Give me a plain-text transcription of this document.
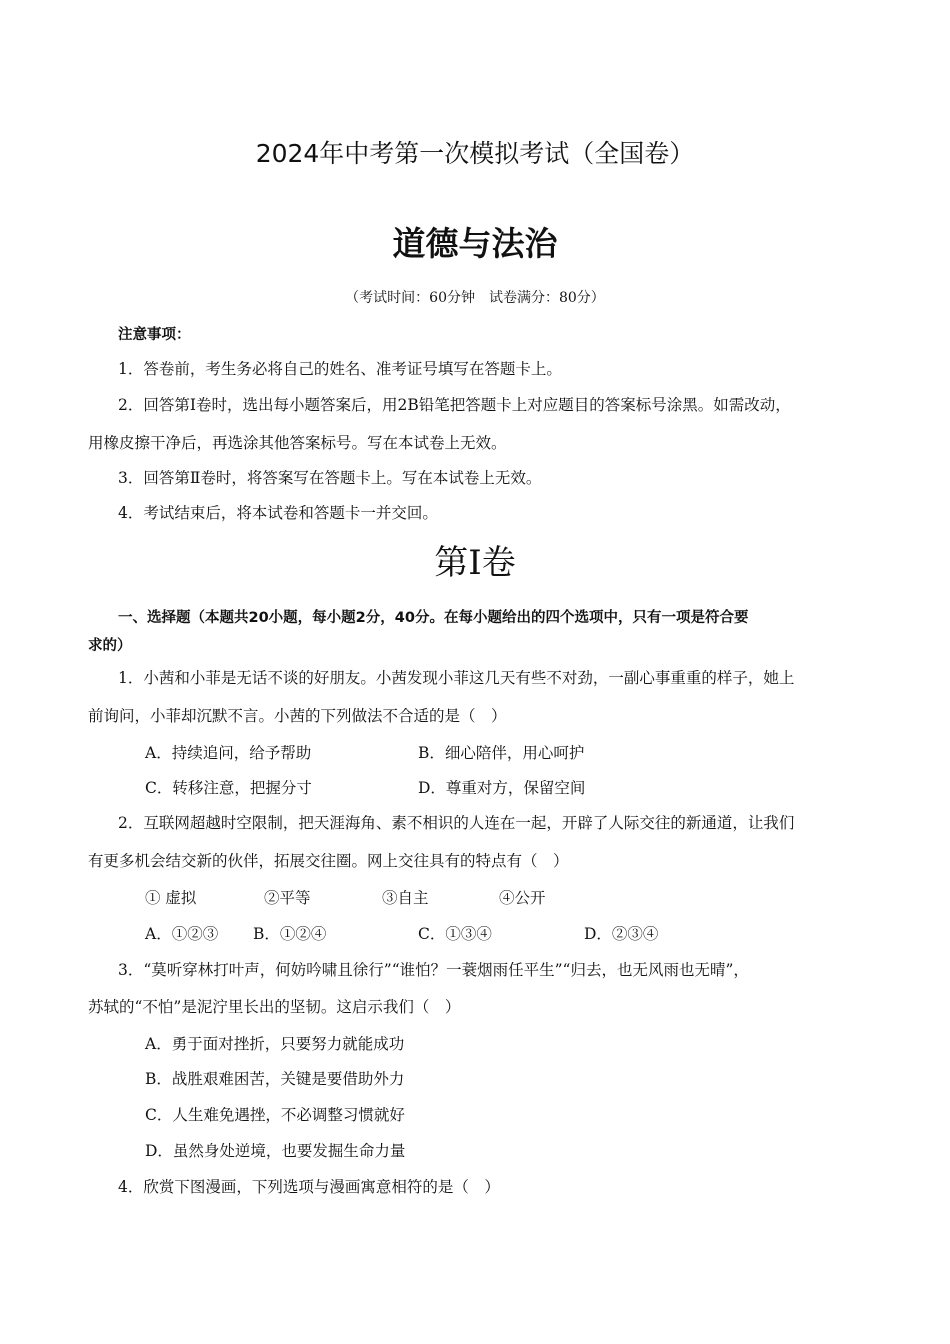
2024年中考第一次模拟考试（全国卷）
道德与法治
（考试时间：60分钟　试卷满分：80分）
注意事项：
1．答卷前，考生务必将自己的姓名、准考证号填写在答题卡上。
2．回答第Ⅰ卷时，选出每小题答案后，用2B铅笔把答题卡上对应题目的答案标号涂黑。如需改动，
用橡皮擦干净后，再选涂其他答案标号。写在本试卷上无效。
3．回答第Ⅱ卷时，将答案写在答题卡上。写在本试卷上无效。
4．考试结束后，将本试卷和答题卡一并交回。
第Ⅰ卷
一、选择题（本题共20小题，每小题2分，40分。在每小题给出的四个选项中，只有一项是符合要
求的）
1．小茜和小菲是无话不谈的好朋友。小茜发现小菲这几天有些不对劲，一副心事重重的样子，她上
前询问，小菲却沉默不言。小茜的下列做法不合适的是（　）
A．持续追问，给予帮助	B．细心陪伴，用心呵护
C．转移注意，把握分寸	D．尊重对方，保留空间
2．互联网超越时空限制，把天涯海角、素不相识的人连在一起，开辟了人际交往的新通道，让我们
有更多机会结交新的伙伴，拓展交往圈。网上交往具有的特点有（　）
① 虚拟	②平等	③自主	④公开
A．①②③ B．①②④	C．①③④	D．②③④
3．“莫听穿林打叶声，何妨吟啸且徐行”“谁怕？一蓑烟雨任平生”“归去，也无风雨也无晴”，
苏轼的“不怕”是泥泞里长出的坚韧。这启示我们（　）
A．勇于面对挫折，只要努力就能成功
B．战胜艰难困苦，关键是要借助外力
C．人生难免遇挫，不必调整习惯就好
D．虽然身处逆境，也要发掘生命力量
4．欣赏下图漫画，下列选项与漫画寓意相符的是（　）
